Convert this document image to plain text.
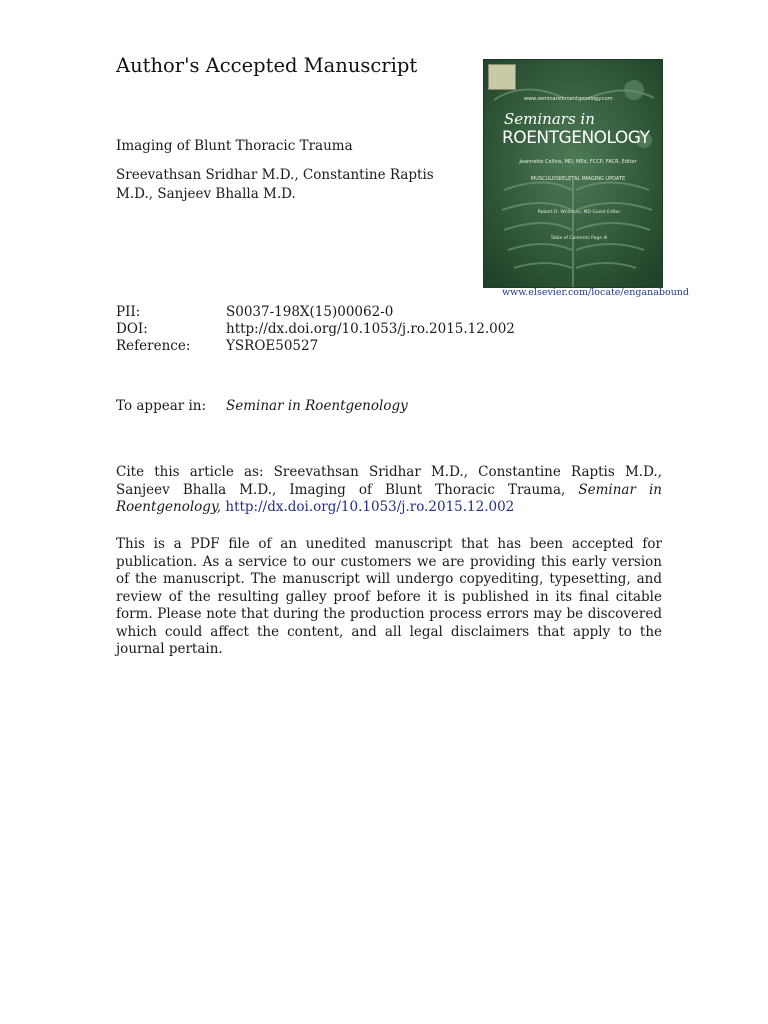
Author's Accepted Manuscript
Imaging of Blunt Thoracic Trauma
Sreevathsan Sridhar M.D., Constantine Raptis M.D., Sanjeev Bhalla M.D.
www.seminarsinroentgenology.com
Seminars in
ROENTGENOLOGY
Jeannette Collins, MD, MEd, FCCP, FACR, Editor
MUSCULOSKELETAL IMAGING UPDATE
Robert D. Whitman, MD Guest Editor
Table of Contents Page III
www.elsevier.com/locate/enganabound
PII:	S0037-198X(15)00062-0
DOI:	http://dx.doi.org/10.1053/j.ro.2015.12.002
Reference:	YSROE50527
To appear in:	Seminar in Roentgenology
Cite this article as: Sreevathsan Sridhar M.D., Constantine Raptis M.D., Sanjeev Bhalla M.D., Imaging of Blunt Thoracic Trauma, Seminar in Roentgenology, http://dx.doi.org/10.1053/j.ro.2015.12.002
This is a PDF file of an unedited manuscript that has been accepted for publication. As a service to our customers we are providing this early version of the manuscript. The manuscript will undergo copyediting, typesetting, and review of the resulting galley proof before it is published in its final citable form. Please note that during the production process errors may be discovered which could affect the content, and all legal disclaimers that apply to the journal pertain.
